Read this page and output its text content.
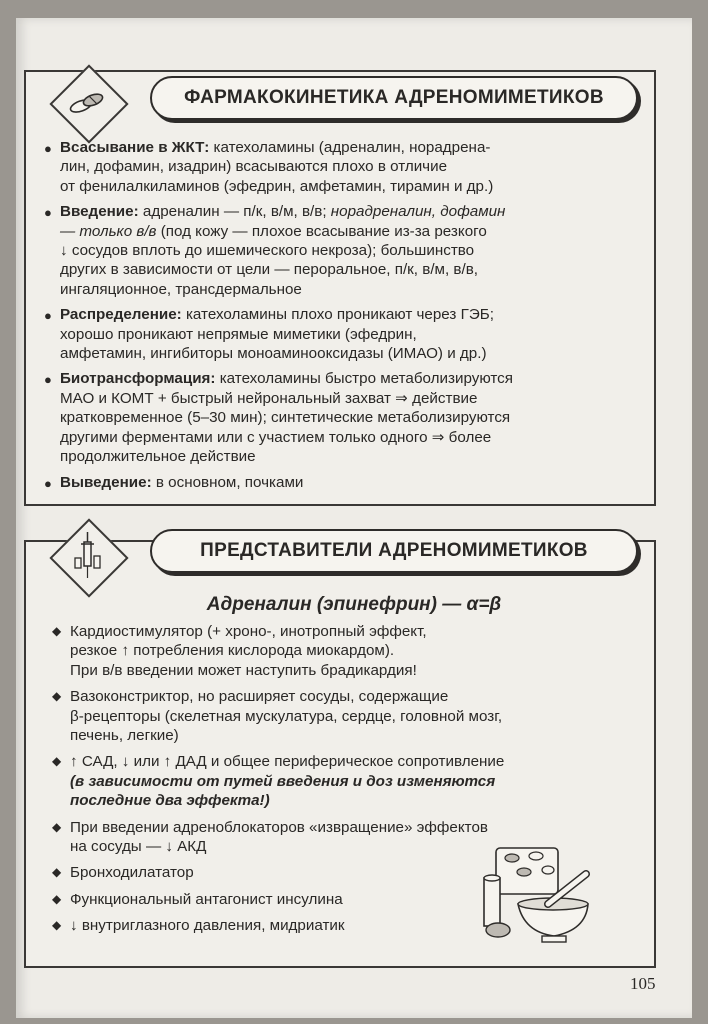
ФАРМАКОКИНЕТИКА АДРЕНОМИМЕТИКОВ
● Всасывание в ЖКТ: катехоламины (адреналин, норадрена-
лин, дофамин, изадрин) всасываются плохо в отличие
от фенилалкиламинов (эфедрин, амфетамин, тирамин и др.)
● Введение: адреналин — п/к, в/м, в/в; норадреналин, дофамин
— только в/в (под кожу — плохое всасывание из-за резкого
↓ сосудов вплоть до ишемического некроза); большинство
других в зависимости от цели — пероральное, п/к, в/м, в/в,
ингаляционное, трансдермальное
● Распределение: катехоламины плохо проникают через ГЭБ;
хорошо проникают непрямые миметики (эфедрин,
амфетамин, ингибиторы моноаминооксидазы (ИМАО) и др.)
● Биотрансформация: катехоламины быстро метаболизируются
МАО и КОМТ + быстрый нейрональный захват ⇒ действие
кратковременное (5–30 мин); синтетические метаболизируются
другими ферментами или с участием только одного ⇒ более
продолжительное действие
● Выведение: в основном, почками
ПРЕДСТАВИТЕЛИ АДРЕНОМИМЕТИКОВ
Адреналин (эпинефрин) — α=β
◆ Кардиостимулятор (+ хроно-, инотропный эффект,
резкое ↑ потребления кислорода миокардом).
При в/в введении может наступить брадикардия!
◆ Вазоконстриктор, но расширяет сосуды, содержащие
β-рецепторы (скелетная мускулатура, сердце, головной мозг,
печень, легкие)
◆ ↑ САД, ↓ или ↑ ДАД и общее периферическое сопротивление
(в зависимости от путей введения и доз изменяются
последние два эффекта!)
◆ При введении адреноблокаторов «извращение» эффектов
на сосуды — ↓ АКД
◆ Бронходилататор
◆ Функциональный антагонист инсулина
◆ ↓ внутриглазного давления, мидриатик
105
